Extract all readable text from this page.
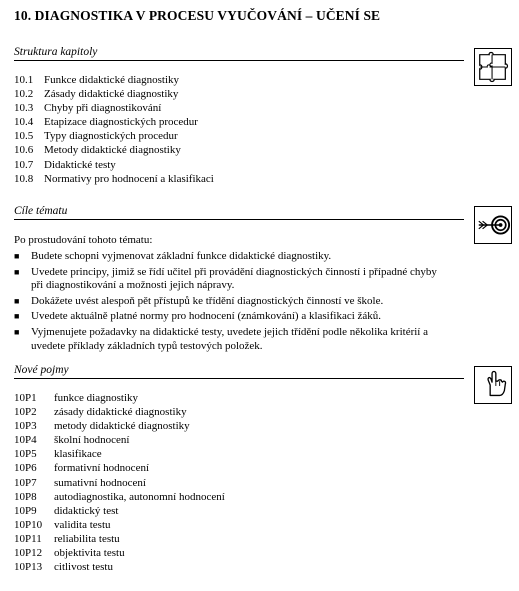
10. DIAGNOSTIKA V PROCESU VYUČOVÁNÍ – UČENÍ SE
Struktura kapitoly
10.1 Funkce didaktické diagnostiky
10.2 Zásady didaktické diagnostiky
10.3 Chyby při diagnostikování
10.4 Etapizace diagnostických procedur
10.5 Typy diagnostických procedur
10.6 Metody didaktické diagnostiky
10.7 Didaktické testy
10.8 Normativy pro hodnocení a klasifikaci
Cíle tématu
Po prostudování tohoto tématu:
■	Budete schopni vyjmenovat základní funkce didaktické diagnostiky.
■	Uvedete principy, jimiž se řídí učitel při provádění diagnostických činností i případné chyby při diagnostikování a možnosti jejich nápravy.
■	Dokážete uvést alespoň pět přístupů ke třídění diagnostických činností ve škole.
■	Uvedete aktuálně platné normy pro hodnocení (známkování) a klasifikaci žáků.
■	Vyjmenujete požadavky na didaktické testy, uvedete jejich třídění podle několika kritérií a uvedete příklady základních typů testových položek.
Nové pojmy
10P1	funkce diagnostiky
10P2	zásady didaktické diagnostiky
10P3	metody didaktické diagnostiky
10P4	školní hodnocení
10P5	klasifikace
10P6	formativní hodnocení
10P7	sumativní hodnocení
10P8	autodiagnostika, autonomní hodnocení
10P9	didaktický test
10P10	validita testu
10P11	reliabilita testu
10P12	objektivita testu
10P13	citlivost testu
